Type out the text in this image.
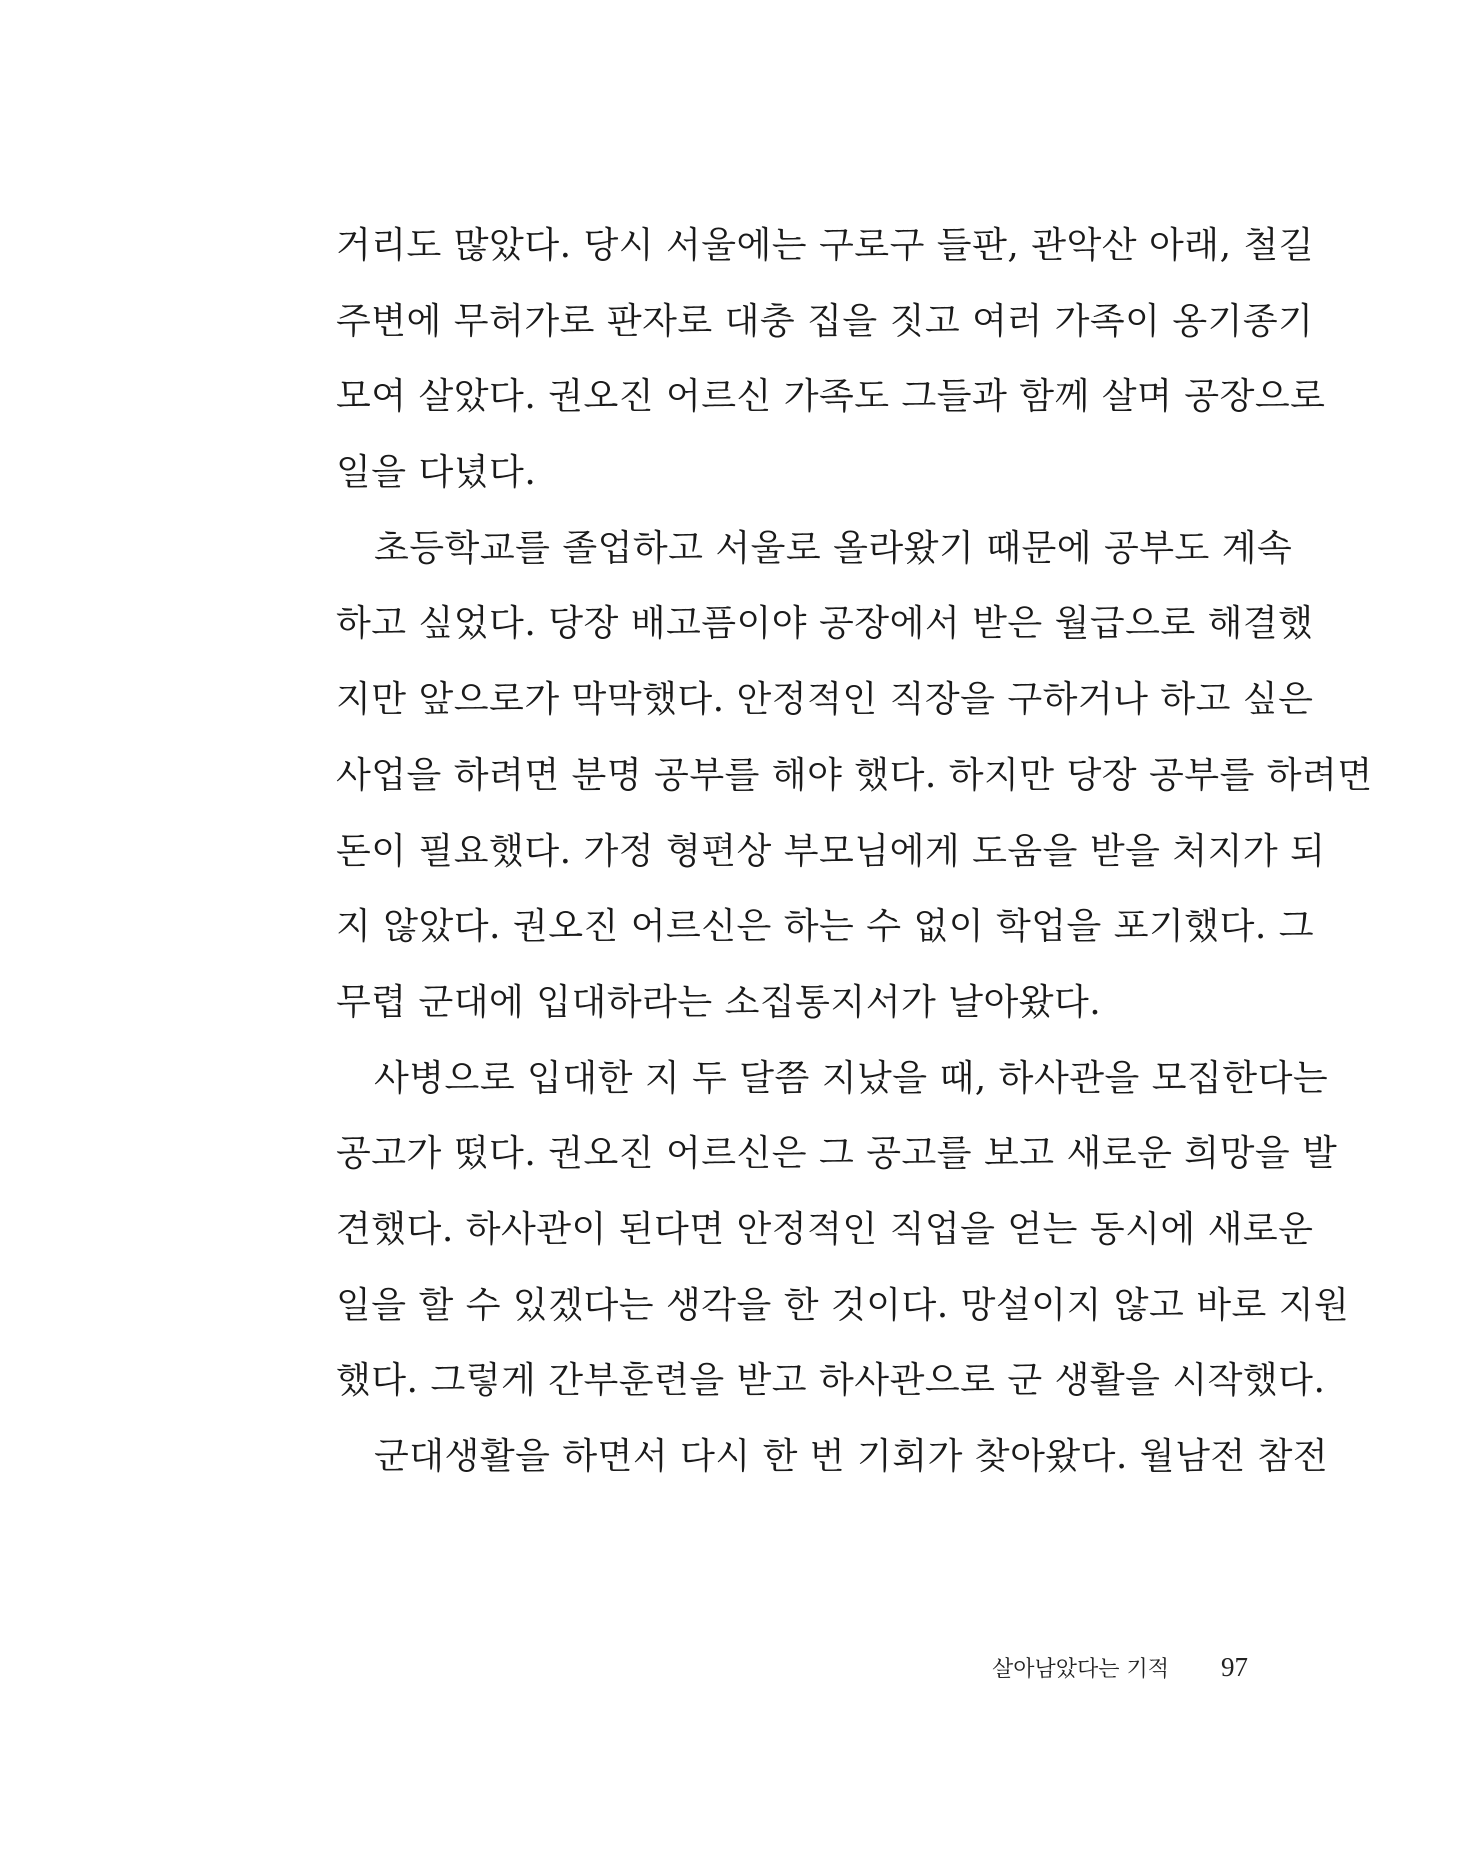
거리도 많았다. 당시 서울에는 구로구 들판, 관악산 아래, 철길
주변에 무허가로 판자로 대충 집을 짓고 여러 가족이 옹기종기
모여 살았다. 권오진 어르신 가족도 그들과 함께 살며 공장으로
일을 다녔다.
초등학교를 졸업하고 서울로 올라왔기 때문에 공부도 계속
하고 싶었다. 당장 배고픔이야 공장에서 받은 월급으로 해결했
지만 앞으로가 막막했다. 안정적인 직장을 구하거나 하고 싶은
사업을 하려면 분명 공부를 해야 했다. 하지만 당장 공부를 하려면
돈이 필요했다. 가정 형편상 부모님에게 도움을 받을 처지가 되
지 않았다. 권오진 어르신은 하는 수 없이 학업을 포기했다. 그
무렵 군대에 입대하라는 소집통지서가 날아왔다.
사병으로 입대한 지 두 달쯤 지났을 때, 하사관을 모집한다는
공고가 떴다. 권오진 어르신은 그 공고를 보고 새로운 희망을 발
견했다. 하사관이 된다면 안정적인 직업을 얻는 동시에 새로운
일을 할 수 있겠다는 생각을 한 것이다. 망설이지 않고 바로 지원
했다. 그렇게 간부훈련을 받고 하사관으로 군 생활을 시작했다.
군대생활을 하면서 다시 한 번 기회가 찾아왔다. 월남전 참전
살아남았다는 기적 97
